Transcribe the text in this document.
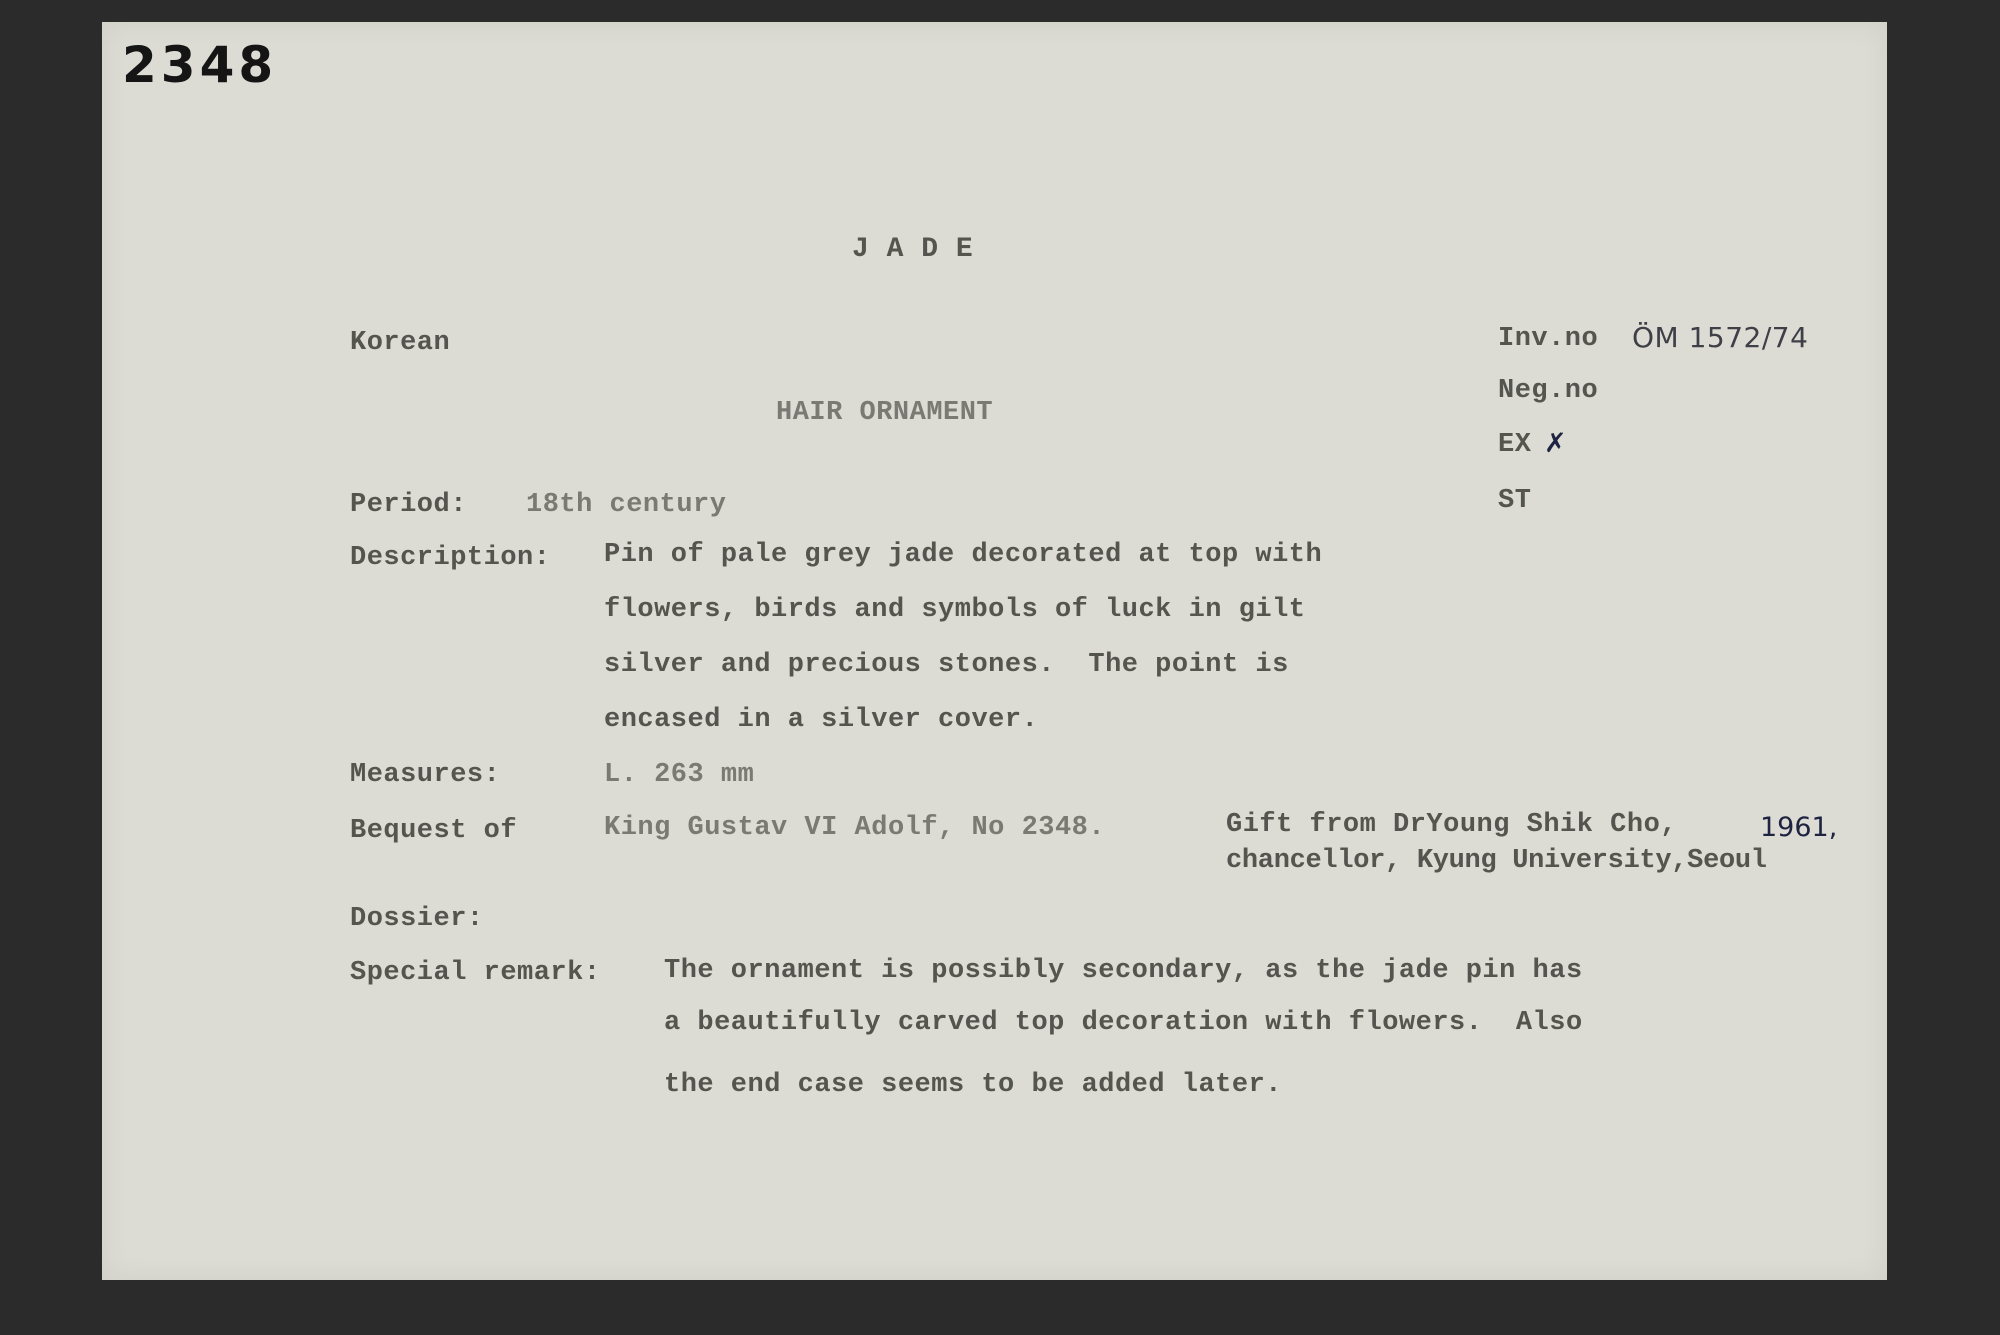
2348
J A D E
Korean
HAIR ORNAMENT
Inv.no ÖM 1572/74
Neg.no
EX ✗
ST
Period: 18th century
Description: Pin of pale grey jade decorated at top with
flowers, birds and symbols of luck in gilt
silver and precious stones.  The point is
encased in a silver cover.
Measures:	L. 263 mm
Bequest of	King Gustav VI Adolf, No 2348.	Gift from DrYoung Shik Cho,	1961,
chancellor, Kyung University,Seoul
Dossier:
Special remark: The ornament is possibly secondary, as the jade pin has
a beautifully carved top decoration with flowers.  Also
the end case seems to be added later.
